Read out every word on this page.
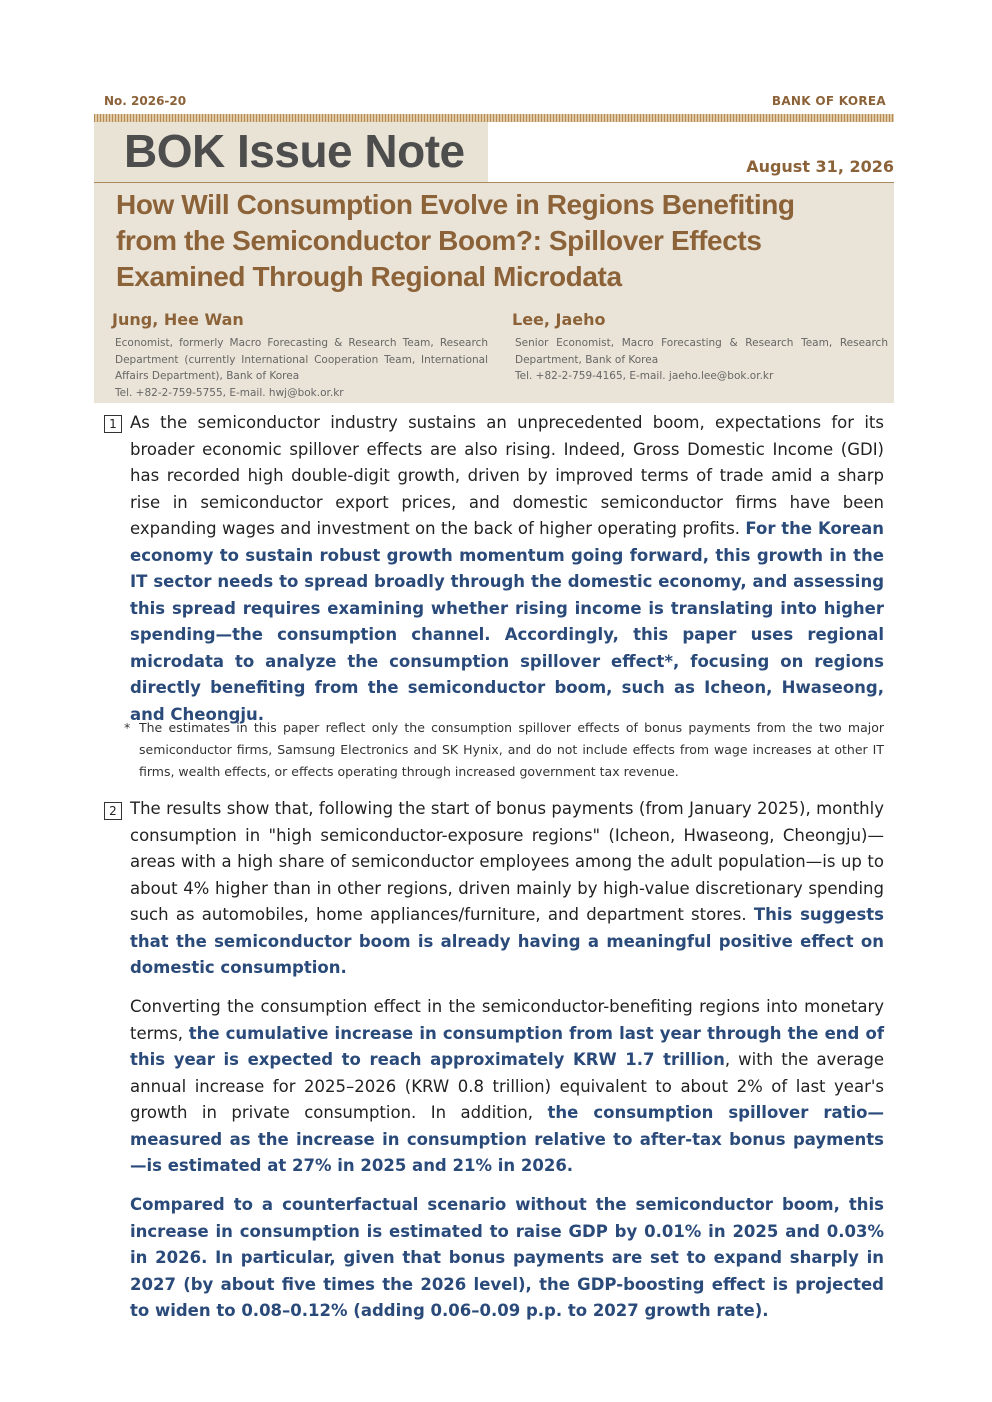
No. 2026-20	BANK OF KOREA
BOK Issue Note	August 31, 2026
How Will Consumption Evolve in Regions Benefiting from the Semiconductor Boom?: Spillover Effects Examined Through Regional Microdata
Jung, Hee Wan
Economist, formerly Macro Forecasting & Research Team, Research Department (currently International Cooperation Team, International Affairs Department), Bank of Korea
Tel. +82-2-759-5755, E-mail. hwj@bok.or.kr
Lee, Jaeho
Senior Economist, Macro Forecasting & Research Team, Research Department, Bank of Korea
Tel. +82-2-759-4165, E-mail. jaeho.lee@bok.or.kr
1 As the semiconductor industry sustains an unprecedented boom, expectations for its broader economic spillover effects are also rising. Indeed, Gross Domestic Income (GDI) has recorded high double-digit growth, driven by improved terms of trade amid a sharp rise in semiconductor export prices, and domestic semiconductor firms have been expanding wages and investment on the back of higher operating profits. For the Korean economy to sustain robust growth momentum going forward, this growth in the IT sector needs to spread broadly through the domestic economy, and assessing this spread requires examining whether rising income is translating into higher spending—the consumption channel. Accordingly, this paper uses regional microdata to analyze the consumption spillover effect*, focusing on regions directly benefiting from the semiconductor boom, such as Icheon, Hwaseong, and Cheongju.
* The estimates in this paper reflect only the consumption spillover effects of bonus payments from the two major semiconductor firms, Samsung Electronics and SK Hynix, and do not include effects from wage increases at other IT firms, wealth effects, or effects operating through increased government tax revenue.
2 The results show that, following the start of bonus payments (from January 2025), monthly consumption in "high semiconductor-exposure regions" (Icheon, Hwaseong, Cheongju)—areas with a high share of semiconductor employees among the adult population—is up to about 4% higher than in other regions, driven mainly by high-value discretionary spending such as automobiles, home appliances/furniture, and department stores. This suggests that the semiconductor boom is already having a meaningful positive effect on domestic consumption.
Converting the consumption effect in the semiconductor-benefiting regions into monetary terms, the cumulative increase in consumption from last year through the end of this year is expected to reach approximately KRW 1.7 trillion, with the average annual increase for 2025–2026 (KRW 0.8 trillion) equivalent to about 2% of last year's growth in private consumption. In addition, the consumption spillover ratio—measured as the increase in consumption relative to after-tax bonus payments—is estimated at 27% in 2025 and 21% in 2026.
Compared to a counterfactual scenario without the semiconductor boom, this increase in consumption is estimated to raise GDP by 0.01% in 2025 and 0.03% in 2026. In particular, given that bonus payments are set to expand sharply in 2027 (by about five times the 2026 level), the GDP-boosting effect is projected to widen to 0.08–0.12% (adding 0.06–0.09 p.p. to 2027 growth rate).
